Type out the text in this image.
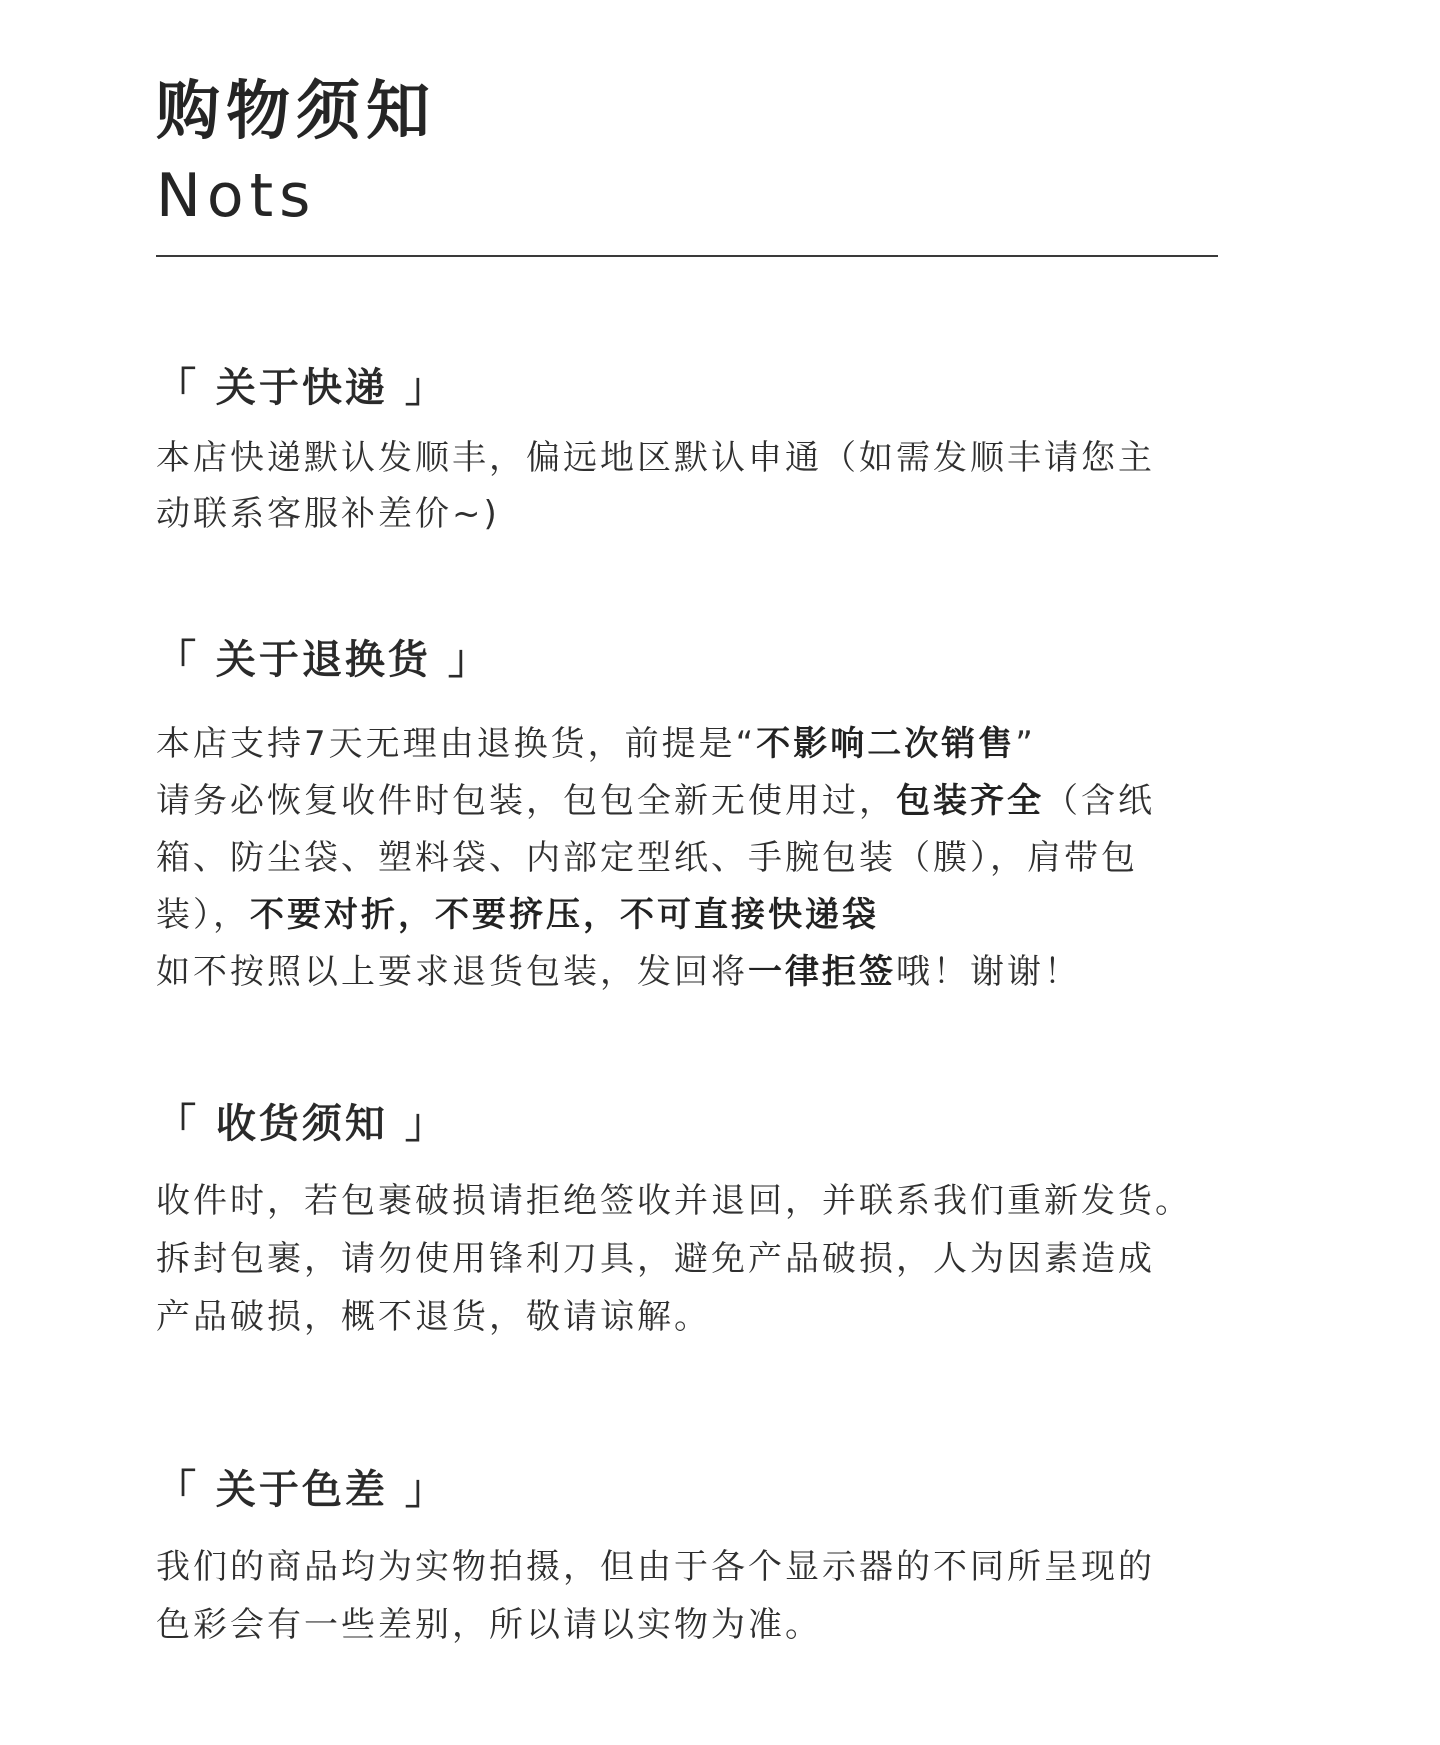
购物须知
Nots
「 关于快递 」

本店快递默认发顺丰，偏远地区默认申通（如需发顺丰请您主

动联系客服补差价~)

「 关于退换货 」

本店支持7天无理由退换货，前提是“不影响二次销售”

请务必恢复收件时包装，包包全新无使用过，包装齐全（含纸

箱、防尘袋、塑料袋、内部定型纸、手腕包装（膜），肩带包

装），不要对折，不要挤压，不可直接快递袋

如不按照以上要求退货包装，发回将一律拒签哦！谢谢！

「 收货须知 」

收件时，若包裹破损请拒绝签收并退回，并联系我们重新发货。

拆封包裹，请勿使用锋利刀具，避免产品破损，人为因素造成

产品破损，概不退货，敬请谅解。

「 关于色差 」

我们的商品均为实物拍摄，但由于各个显示器的不同所呈现的

色彩会有一些差别，所以请以实物为准。
